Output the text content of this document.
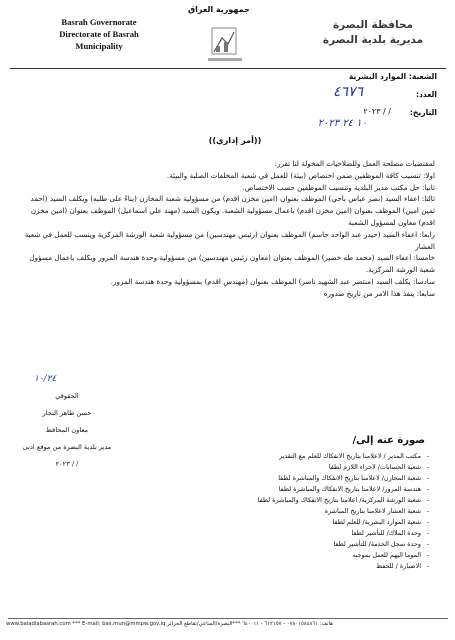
Basrah Governorate
Directorate of Basrah
Municipality
جمهورية العراق
محافظة البصرة
مديرية بلدية البصرة
الشعبة: الموارد البشرية
العدد:
٤٦٧٦
التاريخ:
/ / ٢٠٢٣
١٠ ٢٤ ٢٠٢٣
((أمر إداري))

لمقتضيات مصلحة العمل وللصلاحيات المخولة لنا تقرر:

اولا: تنسيب كافة الموظفين ضمن اختصاص (بيئة) للعمل في شعبة المخلفات الصلبة والبيئة.

ثانيا: حل مكتب مدير البلدية وتنسيب الموظفين حسب الاختصاص.

ثالثا: اعفاء السيد (نصر عباس باجي) الموظف بعنوان (امين مخزن اقدم) من مسؤولية شعبة المخازن (بناءً على طلبه) ويكلف السيد (احمد ثمين امين) الموظف بعنوان (امين مخزن اقدم) باعمال مسؤولية الشعبة. ويكون السيد (مهند علي اسماعيل) الموظف بعنوان (امين مخزن اقدم) معاون لمسؤول الشعبة

رابعا: اعفاء السيد (حيدر عبد الواحد جاسم) الموظف بعنوان (رئيس مهندسين) من مسؤولية شعبة الورشة المركزية وينسب للعمل في شعبة العشار

خامسا: اعفاء السيد (محمد طه خضير) الموظف بعنوان (معاون رئيس مهندسين) من مسؤولية وحدة هندسة المرور ويكلف باعمال مسؤول شعبة الورشة المركزية.

سادسا: يكلف السيد (منتصر عبد الشهيد ناصر) الموظف بعنوان (مهندس اقدم) بمسؤولية وحدة هندسة المرور.

سابعا: ينفذ هذا الامر من تاريخ صدوره

١٠/٢٤
الحقوقي
حسن طاهر النجار
معاون المحافظ
مدير بلدية البصرة من موقع ادنى
/ / ٢٠٢٣
صورة عنه إلى/
- مكتب المدير / لاعلامنا بتاريخ الانفكاك للعلم مع التقدير
- شعبة الحسابات/ لاجراء اللازم لطفا
- شعبة المخازن/ لاعلامنا بتاريخ الانفكاك والمباشرة لطفا
- هندسة المرور/ لاعلامنا بتاريخ الانفكاك والمباشرة لطفا
- شعبة الورشة المركزية/ اعلامنا بتاريخ الانفكاك والمباشرة لطفا
- شعبة العشار لاعلامنا بتاريخ المباشرة
- شعبة الموارد البشرية/ للعلم لطفا
- وحدة الملاك/ للتأشير لطفا
- وحدة سجل الخدمة/ للتأشير لطفا
- الموما اليهم للعمل بموجبه
- الاضبارة / للحفظ
www.baladiabasrah.com *** E-mail: bas.mun@mmpw.gov.iq هاتف: ٠٧٨٠١٥٨٤٨٦١ - ٦١٢١٥٧ - ٦٤٠٠١١ ***البصرة/الساعي/تقاطع الجزائر
